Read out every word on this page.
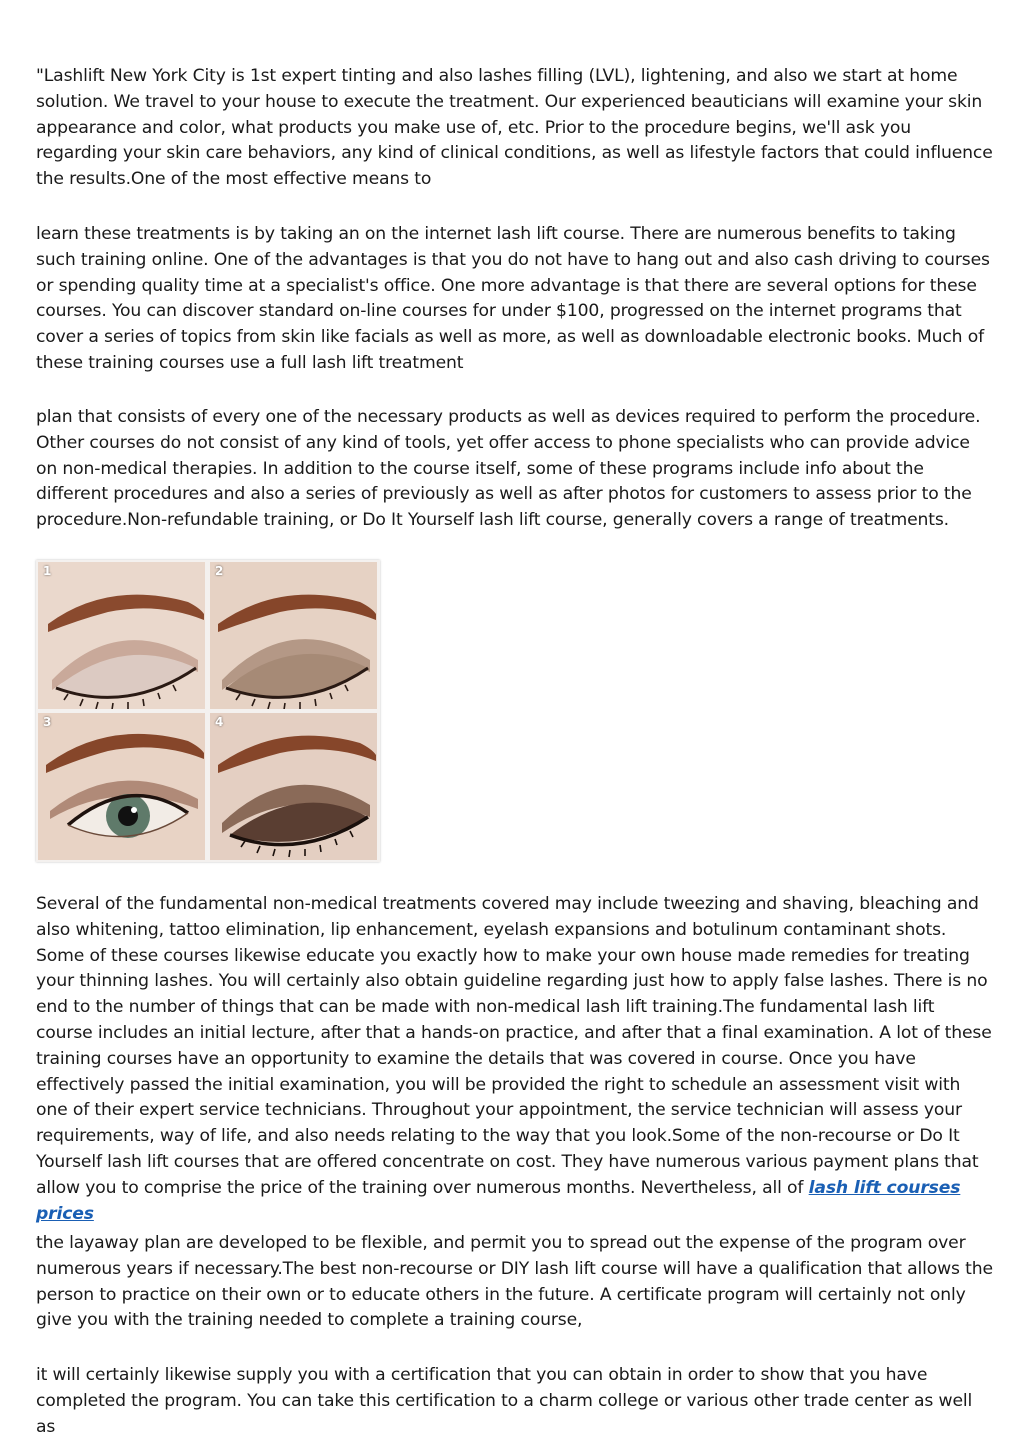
"Lashlift New York City is 1st expert tinting and also lashes filling (LVL), lightening, and also we start at home solution. We travel to your house to execute the treatment. Our experienced beauticians will examine your skin appearance and color, what products you make use of, etc. Prior to the procedure begins, we'll ask you regarding your skin care behaviors, any kind of clinical conditions, as well as lifestyle factors that could influence the results.One of the most effective means to

learn these treatments is by taking an on the internet lash lift course. There are numerous benefits to taking such training online. One of the advantages is that you do not have to hang out and also cash driving to courses or spending quality time at a specialist's office. One more advantage is that there are several options for these courses. You can discover standard on-line courses for under $100, progressed on the internet programs that cover a series of topics from skin like facials as well as more, as well as downloadable electronic books. Much of these training courses use a full lash lift treatment

plan that consists of every one of the necessary products as well as devices required to perform the procedure. Other courses do not consist of any kind of tools, yet offer access to phone specialists who can provide advice on non-medical therapies. In addition to the course itself, some of these programs include info about the different procedures and also a series of previously as well as after photos for customers to assess prior to the procedure.Non-refundable training, or Do It Yourself lash lift course, generally covers a range of treatments.

1	2
3	4

Several of the fundamental non-medical treatments covered may include tweezing and shaving, bleaching and also whitening, tattoo elimination, lip enhancement, eyelash expansions and botulinum contaminant shots. Some of these courses likewise educate you exactly how to make your own house made remedies for treating your thinning lashes. You will certainly also obtain guideline regarding just how to apply false lashes. There is no end to the number of things that can be made with non-medical lash lift training.The fundamental lash lift course includes an initial lecture, after that a hands-on practice, and after that a final examination. A lot of these training courses have an opportunity to examine the details that was covered in course. Once you have effectively passed the initial examination, you will be provided the right to schedule an assessment visit with one of their expert service technicians. Throughout your appointment, the service technician will assess your requirements, way of life, and also needs relating to the way that you look.Some of the non-recourse or Do It Yourself lash lift courses that are offered concentrate on cost. They have numerous various payment plans that allow you to comprise the price of the training over numerous months. Nevertheless, all of lash lift courses prices

the layaway plan are developed to be flexible, and permit you to spread out the expense of the program over numerous years if necessary.The best non-recourse or DIY lash lift course will have a qualification that allows the person to practice on their own or to educate others in the future. A certificate program will certainly not only give you with the training needed to complete a training course,

it will certainly likewise supply you with a certification that you can obtain in order to show that you have completed the program. You can take this certification to a charm college or various other trade center as well as
